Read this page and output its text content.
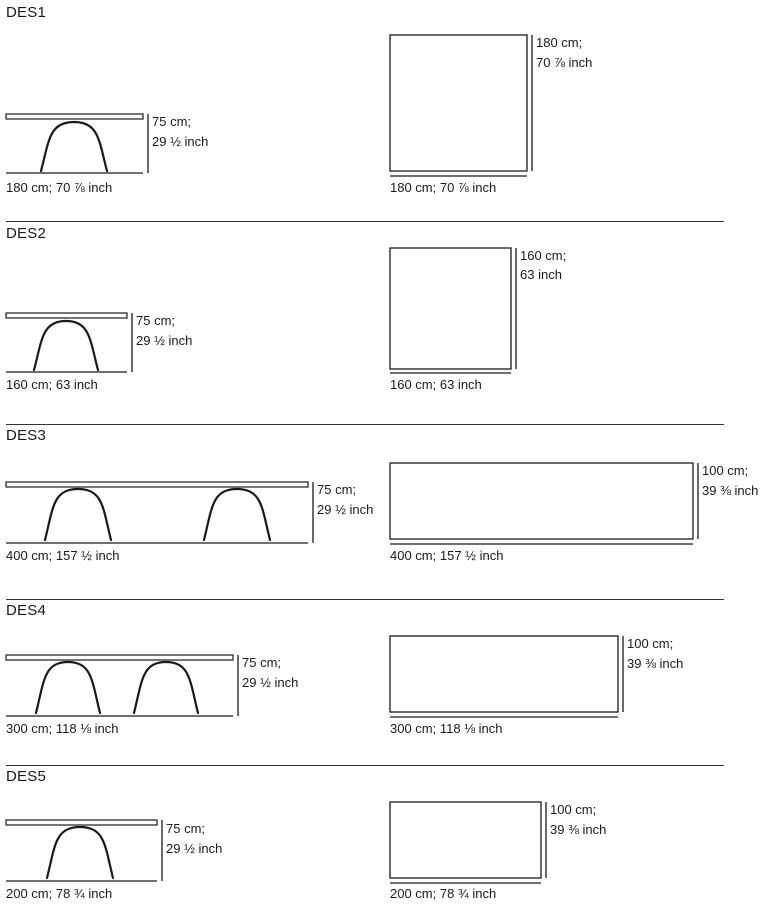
DES1
75 cm;
29 ½ inch
180 cm; 70 ⅞ inch
180 cm;
70 ⅞ inch
180 cm; 70 ⅞ inch
DES2
75 cm;
29 ½ inch
160 cm; 63 inch
160 cm;
63 inch
160 cm; 63 inch
DES3
75 cm;
29 ½ inch
400 cm; 157 ½ inch
100 cm;
39 ⅜ inch
400 cm; 157 ½ inch
DES4
75 cm;
29 ½ inch
300 cm; 118 ⅛ inch
100 cm;
39 ⅜ inch
300 cm; 118 ⅛ inch
DES5
75 cm;
29 ½ inch
200 cm; 78 ¾ inch
100 cm;
39 ⅜ inch
200 cm; 78 ¾ inch
